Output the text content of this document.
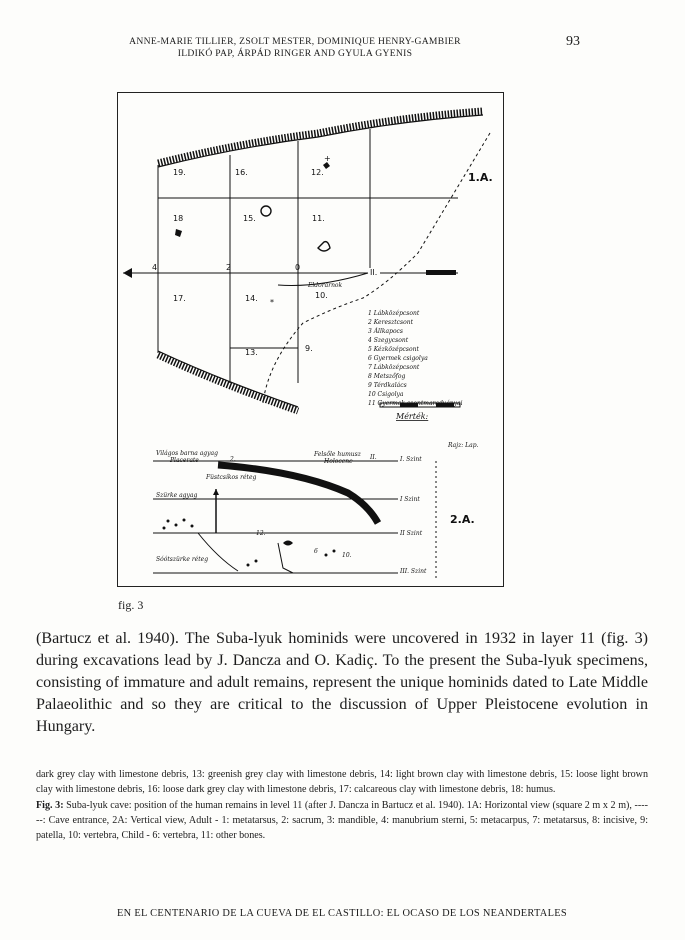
ANNE-MARIE TILLIER, ZSOLT MESTER, DOMINIQUE HENRY-GAMBIER
ILDIKÓ PAP, ÁRPÁD RINGER AND GYULA GYENIS
93
*
+
1.A.
19.	16.	12.
18	15.	11.
17.	14.	10.
13.	9.
4	2	0
Eldorarnok
II.
1 Lábközépcsont
2 Keresztcsont
3 Állkapocs
4 Szegycsont
5 Kézközépcsont
6 Gyermek csigolya
7 Lábközépcsont
8 Metszőfog
9 Térdkalács
10 Csigolya
11 Gyermek csontmaradványai
Mérték:
Rajz: Lap.
2.A.
Világos barna agyag
Placerate
Felsőle humusz
Holocene
Füstcsíkos réteg
Szürke agyag
Sóótszürke réteg
I. Szint
I Szint
II Szint
III. Szint
2.
12.
II.
6
10.
fig. 3

(Bartucz et al. 1940). The Suba-lyuk hominids were uncovered in 1932 in layer 11 (fig. 3) during excavations lead by J. Dancza and O. Kadiç. To the present the Suba-lyuk specimens, consisting of immature and adult remains, represent the unique hominids dated to Late Middle Palaeolithic and so they are critical to the discussion of Upper Pleistocene evolution in Hungary.

dark grey clay with limestone debris, 13: greenish grey clay with limestone debris, 14: light brown clay with limestone debris, 15: loose light brown clay with limestone debris, 16: loose dark grey clay with limestone debris, 17: calcareous clay with limestone debris, 18: humus.
Fig. 3: Suba-lyuk cave: position of the human remains in level 11 (after J. Dancza in Bartucz et al. 1940). 1A: Horizontal view (square 2 m x 2 m), ------: Cave entrance, 2A: Vertical view, Adult - 1: metatarsus, 2: sacrum, 3: mandible, 4: manubrium sterni, 5: metacarpus, 7: metatarsus, 8: incisive, 9: patella, 10: vertebra, Child - 6: vertebra, 11: other bones.
EN EL CENTENARIO DE LA CUEVA DE EL CASTILLO: EL OCASO DE LOS NEANDERTALES
